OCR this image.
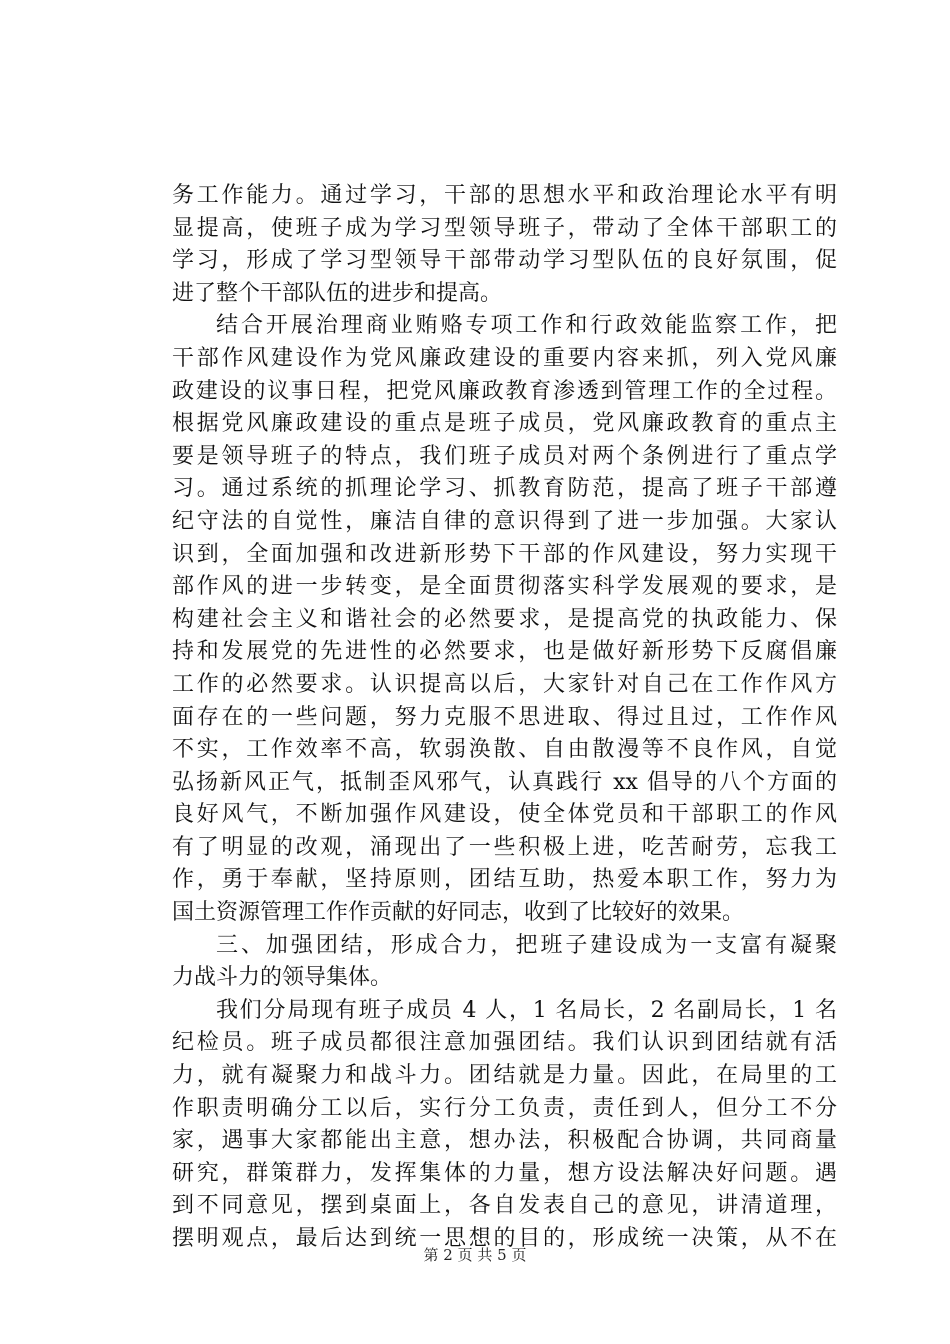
务工作能力。通过学习，干部的思想水平和政治理论水平有明
显提高，使班子成为学习型领导班子，带动了全体干部职工的
学习，形成了学习型领导干部带动学习型队伍的良好氛围，促
进了整个干部队伍的进步和提高。
结合开展治理商业贿赂专项工作和行政效能监察工作，把
干部作风建设作为党风廉政建设的重要内容来抓，列入党风廉
政建设的议事日程，把党风廉政教育渗透到管理工作的全过程。
根据党风廉政建设的重点是班子成员，党风廉政教育的重点主
要是领导班子的特点，我们班子成员对两个条例进行了重点学
习。通过系统的抓理论学习、抓教育防范，提高了班子干部遵
纪守法的自觉性，廉洁自律的意识得到了进一步加强。大家认
识到，全面加强和改进新形势下干部的作风建设，努力实现干
部作风的进一步转变，是全面贯彻落实科学发展观的要求，是
构建社会主义和谐社会的必然要求，是提高党的执政能力、保
持和发展党的先进性的必然要求，也是做好新形势下反腐倡廉
工作的必然要求。认识提高以后，大家针对自己在工作作风方
面存在的一些问题，努力克服不思进取、得过且过，工作作风
不实，工作效率不高，软弱涣散、自由散漫等不良作风，自觉
弘扬新风正气，抵制歪风邪气，认真践行 xx 倡导的八个方面的
良好风气，不断加强作风建设，使全体党员和干部职工的作风
有了明显的改观，涌现出了一些积极上进，吃苦耐劳，忘我工
作，勇于奉献，坚持原则，团结互助，热爱本职工作，努力为
国土资源管理工作作贡献的好同志，收到了比较好的效果。
三、加强团结，形成合力，把班子建设成为一支富有凝聚
力战斗力的领导集体。
我们分局现有班子成员 4 人，1 名局长，2 名副局长，1 名
纪检员。班子成员都很注意加强团结。我们认识到团结就有活
力，就有凝聚力和战斗力。团结就是力量。因此，在局里的工
作职责明确分工以后，实行分工负责，责任到人，但分工不分
家，遇事大家都能出主意，想办法，积极配合协调，共同商量
研究，群策群力，发挥集体的力量，想方设法解决好问题。遇
到不同意见，摆到桌面上，各自发表自己的意见，讲清道理，
摆明观点，最后达到统一思想的目的，形成统一决策，从不在
第 2 页 共 5 页
